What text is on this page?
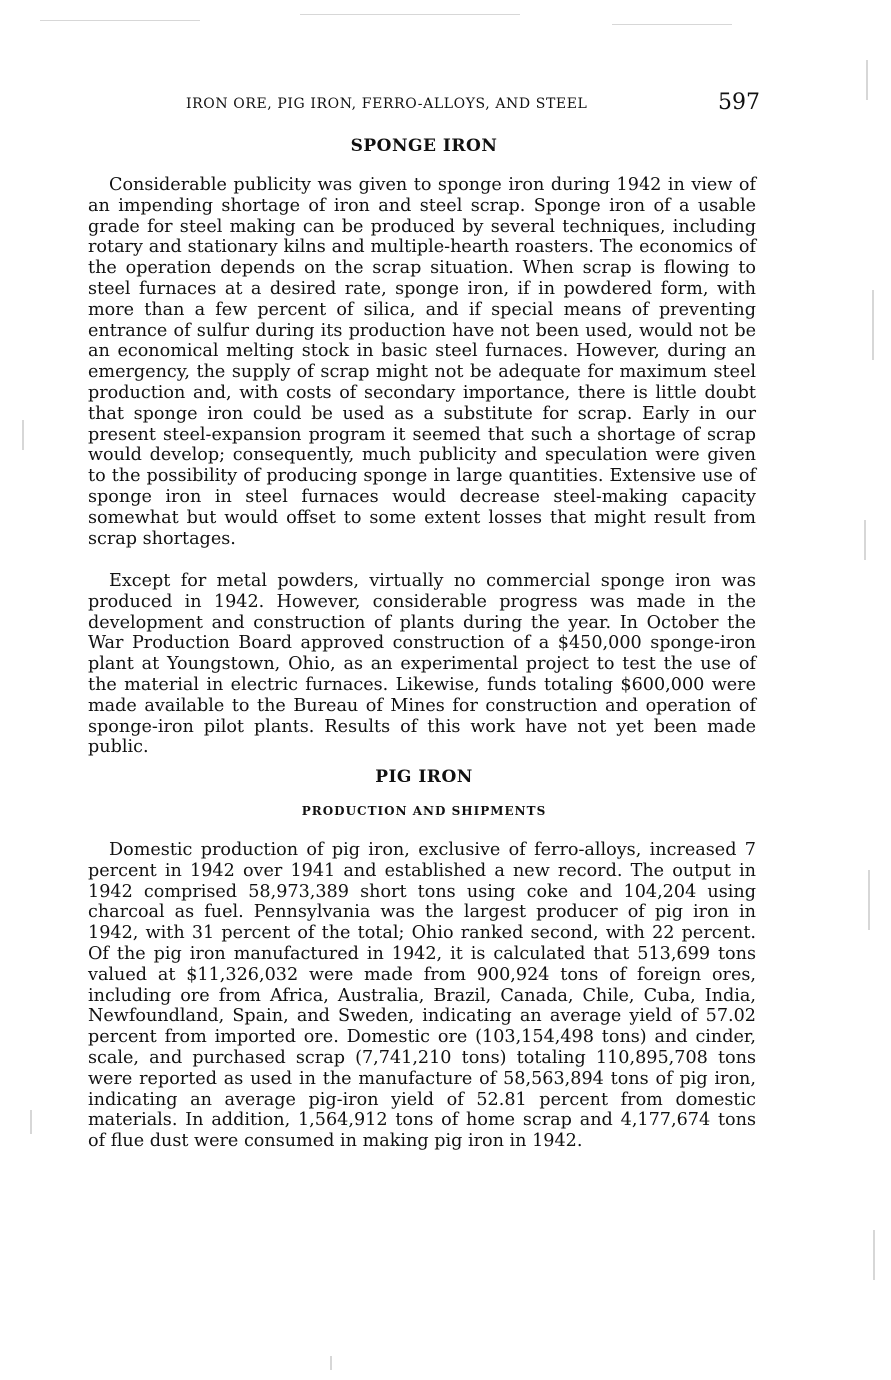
IRON ORE, PIG IRON, FERRO-ALLOYS, AND STEEL	597
SPONGE IRON

Considerable publicity was given to sponge iron during 1942 in view of an impending shortage of iron and steel scrap. Sponge iron of a usable grade for steel making can be produced by several techniques, including rotary and stationary kilns and multiple-hearth roasters. The economics of the operation depends on the scrap situation. When scrap is flowing to steel furnaces at a desired rate, sponge iron, if in powdered form, with more than a few percent of silica, and if special means of preventing entrance of sulfur during its production have not been used, would not be an economical melting stock in basic steel furnaces. However, during an emergency, the supply of scrap might not be adequate for maximum steel production and, with costs of secondary importance, there is little doubt that sponge iron could be used as a substitute for scrap. Early in our present steel-expansion program it seemed that such a shortage of scrap would develop; consequently, much publicity and speculation were given to the possibility of producing sponge in large quantities. Extensive use of sponge iron in steel furnaces would decrease steel-making capacity somewhat but would offset to some extent losses that might result from scrap shortages.

Except for metal powders, virtually no commercial sponge iron was produced in 1942. However, considerable progress was made in the development and construction of plants during the year. In October the War Production Board approved construction of a $450,000 sponge-iron plant at Youngstown, Ohio, as an experimental project to test the use of the material in electric furnaces. Likewise, funds totaling $600,000 were made available to the Bureau of Mines for construction and operation of sponge-iron pilot plants. Results of this work have not yet been made public.

PIG IRON
PRODUCTION AND SHIPMENTS

Domestic production of pig iron, exclusive of ferro-alloys, increased 7 percent in 1942 over 1941 and established a new record. The output in 1942 comprised 58,973,389 short tons using coke and 104,204 using charcoal as fuel. Pennsylvania was the largest producer of pig iron in 1942, with 31 percent of the total; Ohio ranked second, with 22 percent. Of the pig iron manufactured in 1942, it is calculated that 513,699 tons valued at $11,326,032 were made from 900,924 tons of foreign ores, including ore from Africa, Australia, Brazil, Canada, Chile, Cuba, India, Newfoundland, Spain, and Sweden, indicating an average yield of 57.02 percent from imported ore. Domestic ore (103,154,498 tons) and cinder, scale, and purchased scrap (7,741,210 tons) totaling 110,895,708 tons were reported as used in the manufacture of 58,563,894 tons of pig iron, indicating an average pig-iron yield of 52.81 percent from domestic materials. In addition, 1,564,912 tons of home scrap and 4,177,674 tons of flue dust were consumed in making pig iron in 1942.
